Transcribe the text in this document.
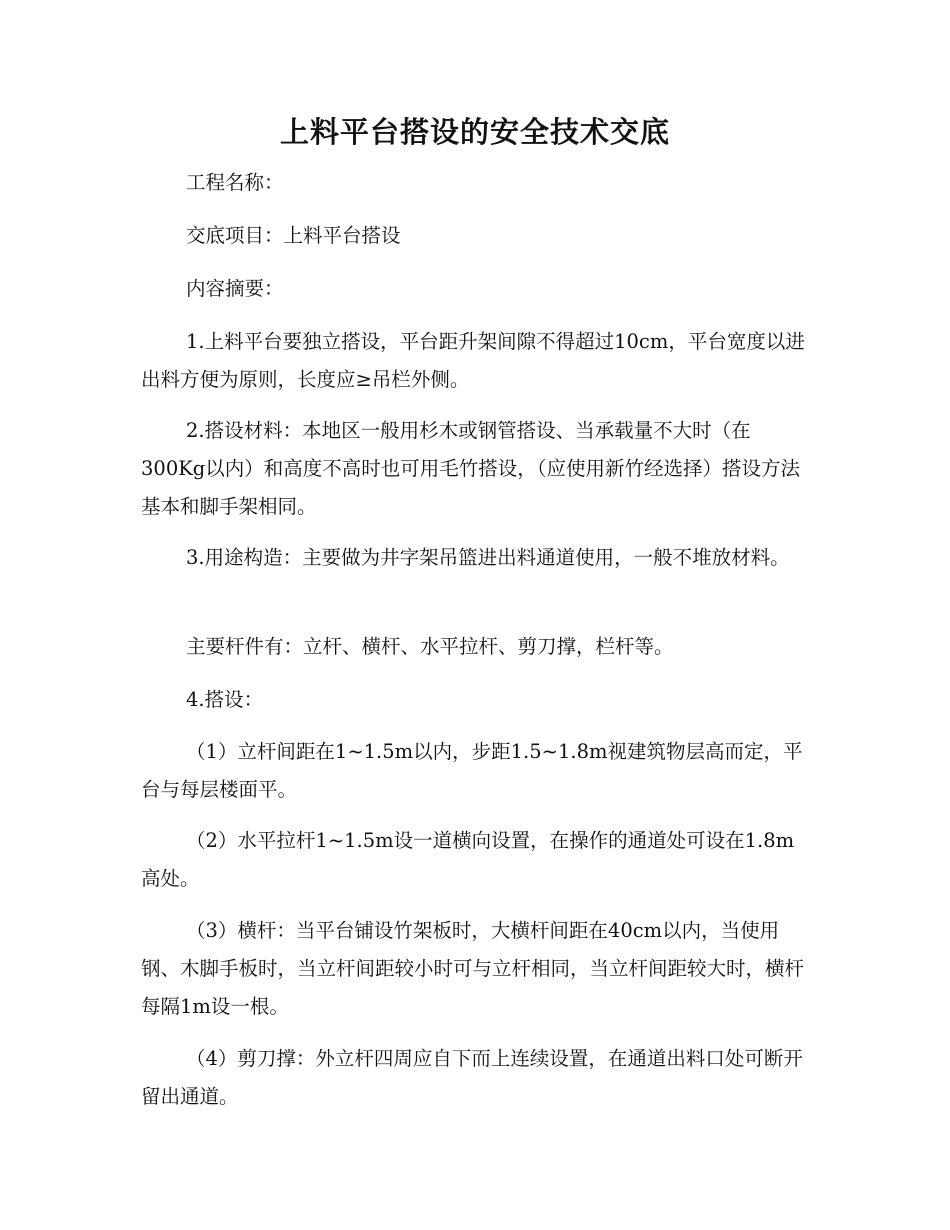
上料平台搭设的安全技术交底
工程名称：
交底项目：上料平台搭设
内容摘要：
1.上料平台要独立搭设，平台距升架间隙不得超过10cm，平台宽度以进出料方便为原则，长度应≥吊栏外侧。
2.搭设材料：本地区一般用杉木或钢管搭设、当承载量不大时（在300Kg以内）和高度不高时也可用毛竹搭设，（应使用新竹经选择）搭设方法基本和脚手架相同。
3.用途构造：主要做为井字架吊篮进出料通道使用，一般不堆放材料。
主要杆件有：立杆、横杆、水平拉杆、剪刀撑，栏杆等。
4.搭设：
（1）立杆间距在1~1.5m以内，步距1.5~1.8m视建筑物层高而定，平台与每层楼面平。
（2）水平拉杆1~1.5m设一道横向设置，在操作的通道处可设在1.8m高处。
（3）横杆：当平台铺设竹架板时，大横杆间距在40cm以内，当使用钢、木脚手板时，当立杆间距较小时可与立杆相同，当立杆间距较大时，横杆每隔1m设一根。
（4）剪刀撑：外立杆四周应自下而上连续设置，在通道出料口处可断开留出通道。
